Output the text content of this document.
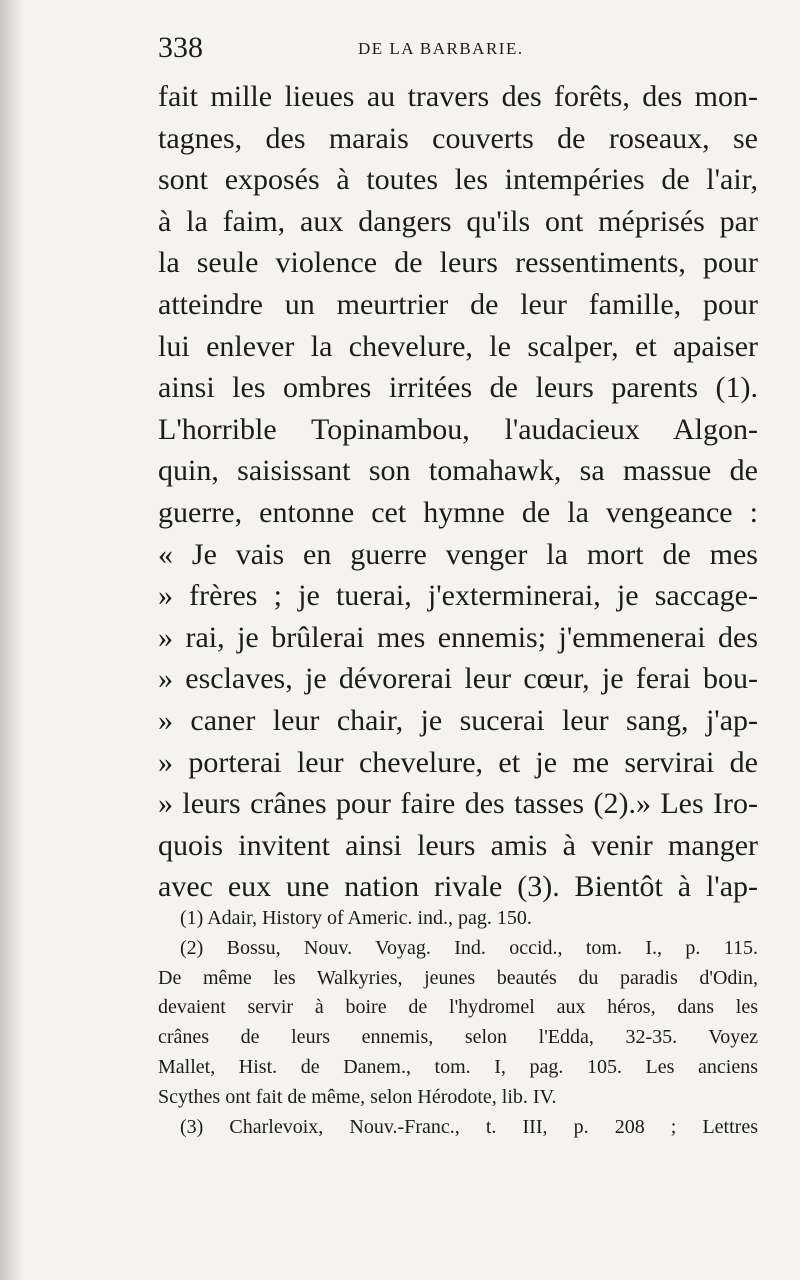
338	DE LA BARBARIE.
fait mille lieues au travers des forêts, des mon-
tagnes, des marais couverts de roseaux, se
sont exposés à toutes les intempéries de l'air,
à la faim, aux dangers qu'ils ont méprisés par
la seule violence de leurs ressentiments, pour
atteindre un meurtrier de leur famille, pour
lui enlever la chevelure, le scalper, et apaiser
ainsi les ombres irritées de leurs parents (1).
L'horrible Topinambou, l'audacieux Algon-
quin, saisissant son tomahawk, sa massue de
guerre, entonne cet hymne de la vengeance :
« Je vais en guerre venger la mort de mes
» frères ; je tuerai, j'exterminerai, je saccage-
» rai, je brûlerai mes ennemis; j'emmenerai des
» esclaves, je dévorerai leur cœur, je ferai bou-
» caner leur chair, je sucerai leur sang, j'ap-
» porterai leur chevelure, et je me servirai de
» leurs crânes pour faire des tasses (2).» Les Iro-
quois invitent ainsi leurs amis à venir manger
avec eux une nation rivale (3). Bientôt à l'ap-
(1) Adair, History of Americ. ind., pag. 150.
(2) Bossu, Nouv. Voyag. Ind. occid., tom. I., p. 115.
De même les Walkyries, jeunes beautés du paradis d'Odin,
devaient servir à boire de l'hydromel aux héros, dans les
crânes de leurs ennemis, selon l'Edda, 32-35. Voyez
Mallet, Hist. de Danem., tom. I, pag. 105. Les anciens
Scythes ont fait de même, selon Hérodote, lib. IV.
(3) Charlevoix, Nouv.-Franc., t. III, p. 208 ; Lettres
